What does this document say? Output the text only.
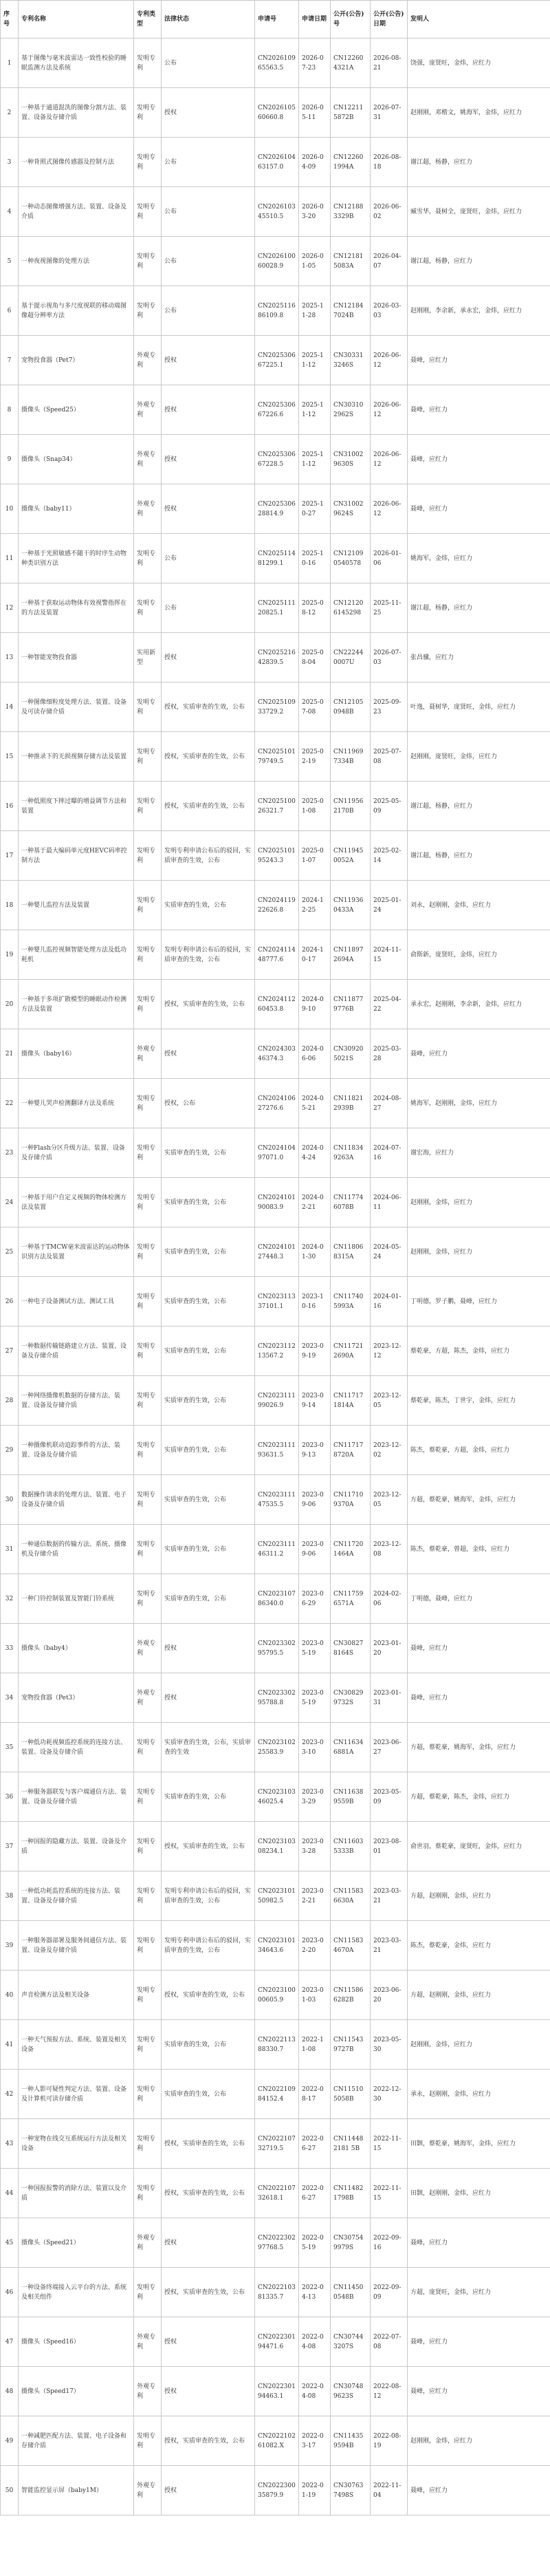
序号	专利名称	专利类型	法律状态	申请号	申请日期	公开(公告)号	公开(公告)日期	发明人
1	基于图像与毫米波雷达一致性校验的睡眠监测方法及系统	发明专利	公布	CN202610965563.5	2026-07-23	CN122604321A	2026-08-21	饶强，庞贤旺，金炜，应红力
2	一种基于通道混洗的图像分割方法、装置、设备及存储介质	发明专利	授权	CN202610560660.8	2026-05-11	CN122115872B	2026-07-31	赵刚刚，邓楷文，姚海军，金炜，应红力
3	一种背照式图像传感器及控制方法	发明专利	公布	CN202610463157.0	2026-04-09	CN122601994A	2026-08-18	谢江超，杨静，应红力
4	一种动态图像增强方法、装置、设备及介质	发明专利	公布	CN202610345510.5	2026-03-20	CN121883329B	2026-06-02	臧雪华，聂树全，庞贤旺，金炜，应红力
5	一种夜视图像的处理方法	发明专利	公布	CN202610060028.9	2026-01-05	CN121815083A	2026-04-07	谢江超，杨静，应红力
6	基于提示视角与多尺度视联的移动端图像超分辨率方法	发明专利	公布	CN202511686109.8	2025-11-28	CN121847024B	2026-03-03	赵刚刚，李余新，承永宏，金炜，应红力
7	宠物投食器（Pet7）	外观专利	授权	CN202530667225.1	2025-11-12	CN303313246S	2026-06-12	聂峰，应红力
8	摄像头（Speed25）	外观专利	授权	CN202530667226.6	2025-11-12	CN303102962S	2026-06-12	聂峰，应红力
9	摄像头（Snap34）	外观专利	授权	CN202530667228.5	2025-11-12	CN310029630S	2026-06-12	聂峰，应红力
10	摄像头（baby11）	外观专利	授权	CN202530628814.9	2025-10-27	CN310029624S	2026-06-12	聂峰，应红力
11	一种基于光照敏感不随干的时序生动物种类识别方法	发明专利	公布	CN202511481299.1	2025-10-16	CN121090540578	2026-01-06	姚海军，金炜，应红力
12	一种基于获取运动物体有效视警指挥在的方法及装置	发明专利	公布	CN202511120825.1	2025-08-12	CN121206145298	2025-11-25	谢江超，杨静，应红力
13	一种智能宠物投食器	实用新型	授权	CN202521642839.5	2025-08-04	CN222440007U	2026-07-03	张昌骥，应红力
14	一种图像细粒度处理方法、装置、设备及可读存储介质	发明专利	授权，实质审查的生效，公布	CN202510933729.2	2025-07-08	CN121050948B	2025-09-23	叶逸，聂树华，庞贤旺，金炜，应红力
15	一种推录下的无损视频存储方法及装置	发明专利	授权，实质审查的生效，公布	CN202510179749.5	2025-02-19	CN119697334B	2025-07-08	赵刚刚，庞贤旺，金炜，应红力
16	一种低照度下摔过曝的增益调节方法和装置	发明专利	授权，实质审查的生效，公布	CN202510026321.7	2025-01-08	CN119562170B	2025-05-09	谢江超，杨静，应红力
17	一种基于最大编码单元度HEVC码率控制方法	发明专利	发明专利申请公布后的驳回，实质审查的生效，公布	CN202510195243.3	2025-01-07	CN119450052A	2025-02-14	谢江超，杨静，应红力
18	一种婴儿监控方法及装置	发明专利	实质审查的生效，公布	CN202411922626.8	2024-12-25	CN119360433A	2025-01-24	刘永，赵刚刚，金炜，应红力
19	一种婴儿监控视频智能处理方法及低功耗机	发明专利	发明专利申请公布后的驳回，实质审查的生效，公布	CN202411448777.6	2024-10-17	CN118972694A	2024-11-15	俞斯新，庞贤旺，金炜，应红力
20	一种基于多项扩散模型的睡眠动作检测方法及装置	发明专利	授权，实质审查的生效，公布	CN202411260453.8	2024-09-10	CN118779776B	2025-04-22	承永宏，赵刚刚，李余新，金炜，应红力
21	摄像头（baby16）	外观专利	授权	CN202430346374.3	2024-06-06	CN309205021S	2025-03-28	聂峰，应红力
22	一种婴儿哭声检测翻译方法及系统	发明专利	授权，公布	CN202410627276.6	2024-05-21	CN118212939B	2024-08-27	姚海军，赵刚刚，金炜，应红力
23	一种Flash分区升级方法、装置、设备及存储介质	发明专利	实质审查的生效，公布	CN202410497071.0	2024-04-24	CN118349263A	2024-07-16	谢宏海，应红力
24	一种基于用户自定义视频的物体检测方法及装置	发明专利	实质审查的生效，公布	CN202410190083.9	2024-02-21	CN117746078B	2024-06-11	赵刚刚，金炜，应红力
25	一种基于TMCW毫米波雷达的运动物体识别方法及装置	发明专利	实质审查的生效，公布	CN202410127448.3	2024-01-30	CN118068315A	2024-05-24	赵刚刚，金炜，应红力
26	一种电子设备测试方法、测试工具	发明专利	实质审查的生效，公布	CN202311337101.1	2023-10-16	CN117405993A	2024-01-16	丁明德，罗子鹏，聂峰，应红力
27	一种数据传输链路建立方法、装置、设备及存储介质	发明专利	实质审查的生效，公布	CN202311213567.2	2023-09-19	CN117212690A	2023-12-12	蔡乾豪，方超，陈杰，金炜，应红力
28	一种网络摄像机数据的存储方法、装置、设备及存储介质	发明专利	实质审查的生效，公布	CN202311199026.9	2023-09-14	CN117171814A	2023-12-05	蔡乾豪，陈杰，丁世宇，金炜，应红力
29	一种摄像机联动追踪事件的方法、装置、设备及存储介质	发明专利	实质审查的生效，公布	CN202311193631.5	2023-09-13	CN117178720A	2023-12-02	陈杰，蔡乾豪，方超，金炜，应红力
30	数据操作请求的处理方法、装置、电子设备及存储介质	发明专利	实质审查的生效，公布	CN202311147535.5	2023-09-06	CN117109370A	2023-12-05	方超，蔡乾豪，姚海军，金炜，应红力
31	一种通信数据的传输方法、系统、摄像机及存储介质	发明专利	实质审查的生效，公布	CN202311146311.2	2023-09-06	CN117201464A	2023-12-08	陈杰，蔡乾豪，曾超，金炜，应红力
32	一种门铃控制装置及智能门铃系统	发明专利	实质审查的生效，公布	CN202310786340.0	2023-06-29	CN117596571A	2024-02-06	丁明德，聂峰，应红力
33	摄像头（baby4）	外观专利	授权	CN202330295795.5	2023-05-19	CN308278164S	2023-01-20	聂峰，应红力
34	宠物投食器（Pet3）	外观专利	授权	CN202330295788.8	2023-05-19	CN308299732S	2023-01-31	聂峰，应红力
35	一种低功耗视频监控系统的连接方法、装置、设备及存储介质	发明专利	实质审查的生效，公布，实质审查的生效	CN202310225583.9	2023-03-10	CN116346881A	2023-06-27	方超，蔡乾豪，姚海军，金炜，应红力
36	一种服务器联发与客户端通信方法、装置、设备及存储介质	发明专利	实质审查的生效，公布	CN202310346025.4	2023-03-29	CN116389559B	2023-05-09	方超，蔡乾豪，陈杰，金炜，应红力
37	一种国报的隐藏方法、装置、设备及介质	发明专利	授权，实质审查的生效，公布	CN202310308234.1	2023-03-28	CN116035333B	2023-08-01	俞世羽，蔡乾豪，庞贤旺，金炜，应红力
38	一种低功耗监控系统的连接方法、装置、设备及存储介质	发明专利	发明专利申请公布后的驳回，实质审查的生效，公布	CN202310150982.5	2023-02-21	CN115836630A	2023-03-21	方超，赵刚刚，金炜，应红力
39	一种服务器部署及服务间通信方法、装置、设备及存储介质	发明专利	发明专利申请公布后的驳回，实质审查的生效，公布	CN202310134643.6	2023-02-20	CN115834670A	2023-03-21	陈杰，蔡乾豪，金炜，应红力
40	声音检测方法及相关设备	发明专利	授权，实质审查的生效，公布	CN202310000605.9	2023-01-03	CN115866282B	2023-06-20	方超，赵刚刚，金炜，应红力
41	一种天气预报方法、系统、装置及相关设备	发明专利	实质审查的生效，公布	CN202211388330.7	2022-11-08	CN115439727B	2023-05-30	赵刚刚，金炜，应红力
42	一种人影可疑性判定方法、装置、设备及计算机可读存储介质	发明专利	实质审查的生效，公布	CN202210984152.4	2022-08-17	CN115105058B	2022-12-30	承永，赵刚刚，金炜，应红力
43	一种宠物在线交互系统运行方法及相关设备	发明专利	授权，实质审查的生效，公布	CN202210732719.5	2022-06-27	CN114482181 5B	2022-11-15	田颢，蔡乾豪，姚海军，金炜，应红力
44	一种国报报警的消除方法、装置以及介质	发明专利	授权，实质审查的生效，公布	CN202210732618.1	2022-06-27	CN114821798B	2022-11-15	田颢，赵刚刚，金炜，应红力
45	摄像头（Speed21）	外观专利	授权	CN202230297768.5	2022-05-19	CN307549979S	2022-09-16	聂峰，应红力
46	一种设备终端接入云平台的方法、系统及相关组件	发明专利	授权，实质审查的生效，公布	CN202210381335.7	2022-04-13	CN114500548B	2022-09-09	方超，庞贤旺，金炜，应红力
47	摄像头（Speed16）	外观专利	授权	CN202230194471.6	2022-04-08	CN307443207S	2022-07-08	聂峰，应红力
48	摄像头（Speed17）	外观专利	授权	CN202230194463.1	2022-04-08	CN307489623S	2022-08-12	聂峰，应红力
49	一种减肥匹配方法、装置、电子设备和存储介质	发明专利	授权，实质审查的生效，公布	CN202210261082.X	2022-03-17	CN114359594B	2022-08-19	赵刚刚，金炜，应红力
50	智能监控显示屏（baby1M）	外观专利	授权	CN202230035879.9	2022-01-19	CN307637498S	2022-11-04	聂峰，应红力
